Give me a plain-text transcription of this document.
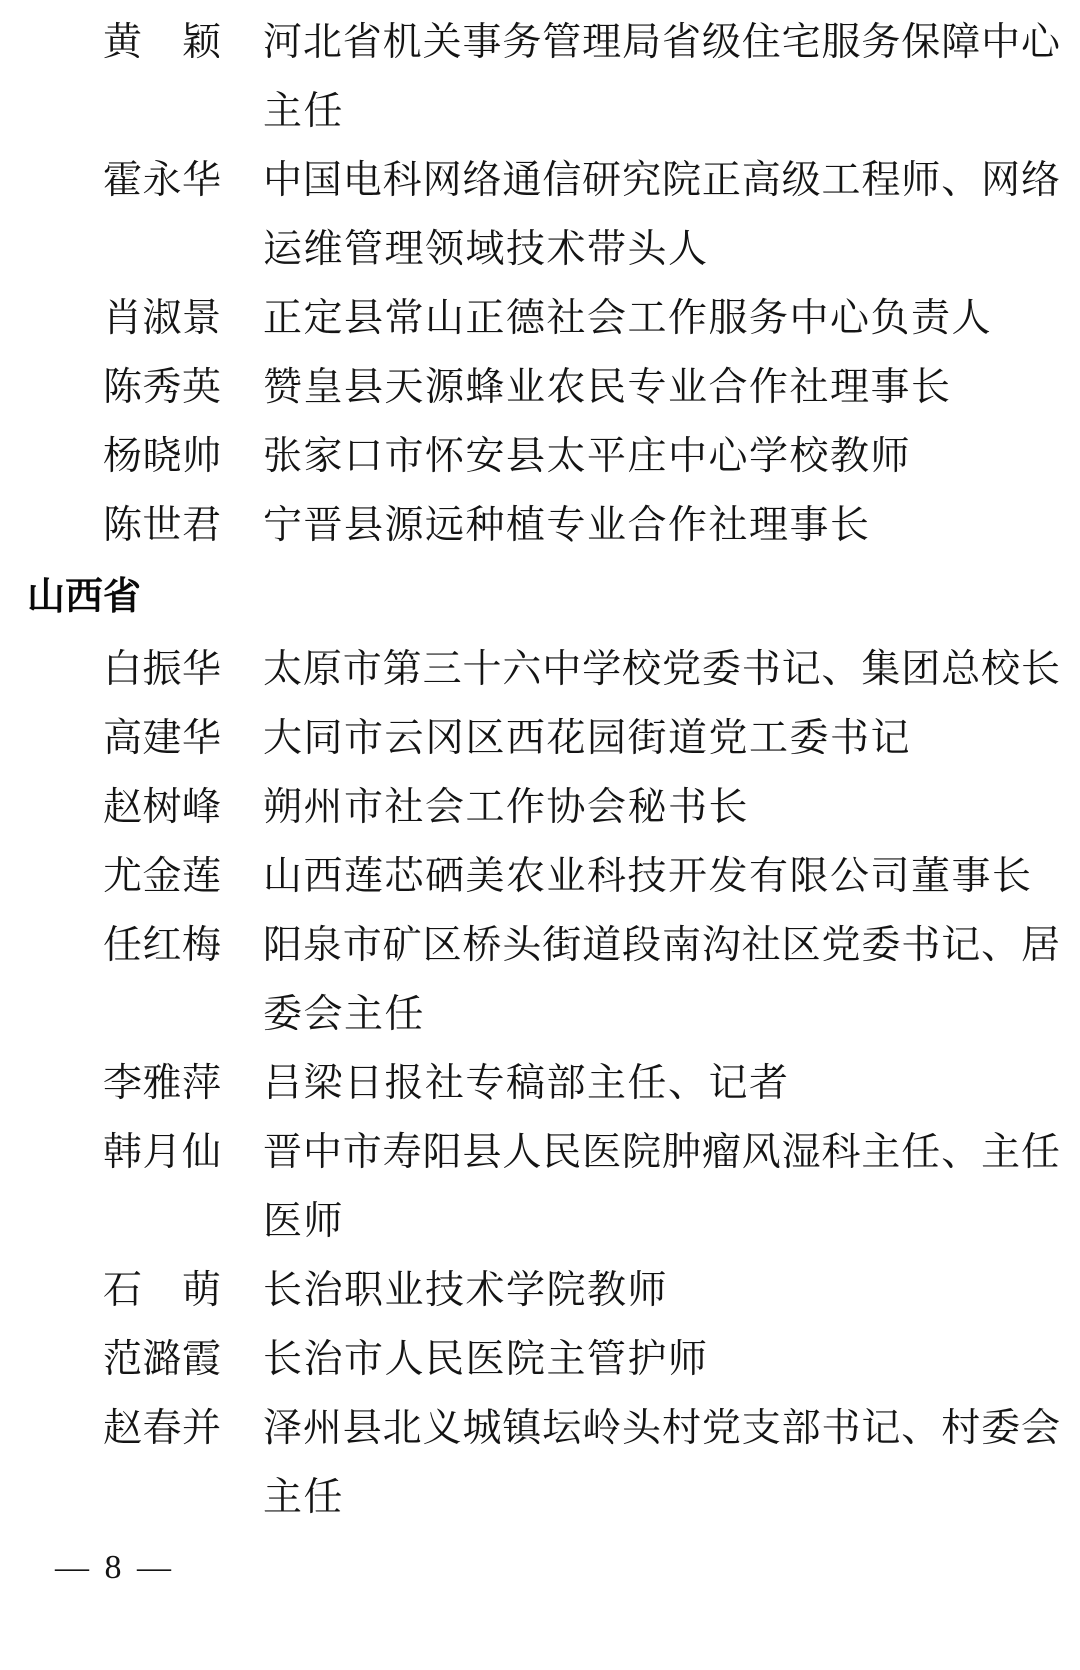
黄颖 河北省机关事务管理局省级住宅服务保障中心
主任
霍永华 中国电科网络通信研究院正高级工程师、网络
运维管理领域技术带头人
肖淑景 正定县常山正德社会工作服务中心负责人
陈秀英 赞皇县天源蜂业农民专业合作社理事长
杨晓帅 张家口市怀安县太平庄中心学校教师
陈世君 宁晋县源远种植专业合作社理事长
山西省
白振华 太原市第三十六中学校党委书记、集团总校长
高建华 大同市云冈区西花园街道党工委书记
赵树峰 朔州市社会工作协会秘书长
尤金莲 山西莲芯硒美农业科技开发有限公司董事长
任红梅 阳泉市矿区桥头街道段南沟社区党委书记、居
委会主任
李雅萍 吕梁日报社专稿部主任、记者
韩月仙 晋中市寿阳县人民医院肿瘤风湿科主任、主任
医师
石萌 长治职业技术学院教师
范潞霞 长治市人民医院主管护师
赵春并 泽州县北义城镇坛岭头村党支部书记、村委会
主任
— 8 —
